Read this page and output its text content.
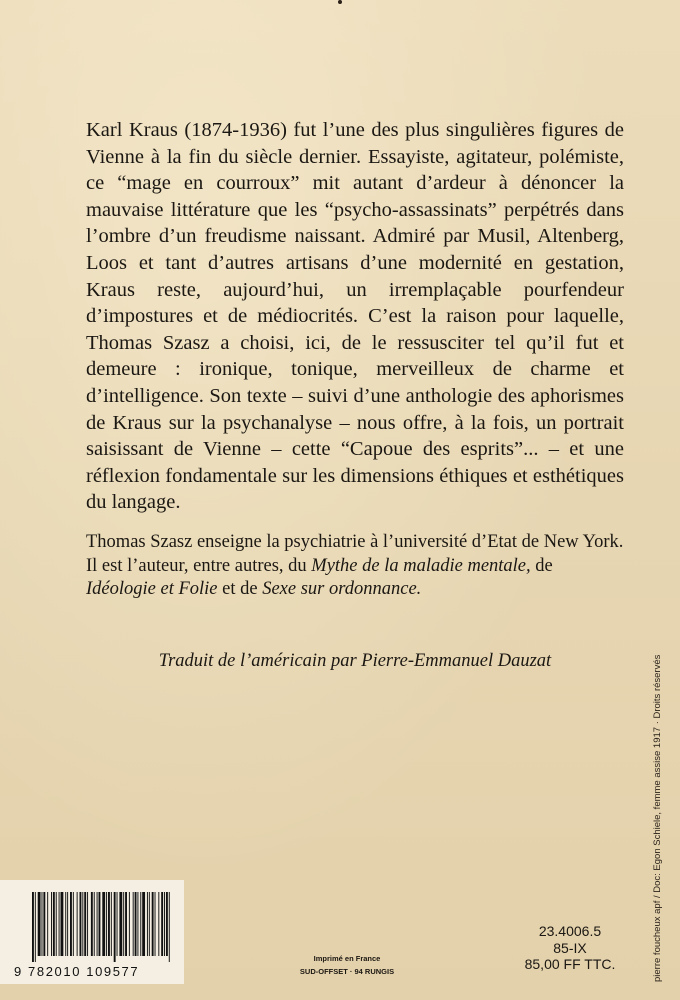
Karl Kraus (1874-1936) fut l’une des plus singulières figures de Vienne à la fin du siècle dernier. Essayiste, agitateur, polémiste, ce “mage en courroux” mit autant d’ardeur à dénoncer la mauvaise littérature que les “psycho-assassinats” perpétrés dans l’ombre d’un freudisme naissant. Admiré par Musil, Altenberg, Loos et tant d’autres artisans d’une modernité en gestation, Kraus reste, aujourd’hui, un irremplaçable pourfendeur d’impostures et de médiocrités. C’est la raison pour laquelle, Thomas Szasz a choisi, ici, de le ressusciter tel qu’il fut et demeure : ironique, tonique, merveilleux de charme et d’intelligence. Son texte – suivi d’une anthologie des aphorismes de Kraus sur la psychanalyse – nous offre, à la fois, un portrait saisissant de Vienne – cette “Capoue des esprits”... – et une réflexion fondamentale sur les dimensions éthiques et esthétiques du langage.

Thomas Szasz enseigne la psychiatrie à l’université d’Etat de New York. Il est l’auteur, entre autres, du Mythe de la maladie mentale, de Idéologie et Folie et de Sexe sur ordonnance.

Traduit de l’américain par Pierre-Emmanuel Dauzat	pierre foucheux apf / Doc: Egon Schiele, femme assise 1917 · Droits réservés
9 782010 109577
Imprimé en France
SUD-OFFSET · 94 RUNGIS
23.4006.5
85-IX
85,00 FF TTC.
